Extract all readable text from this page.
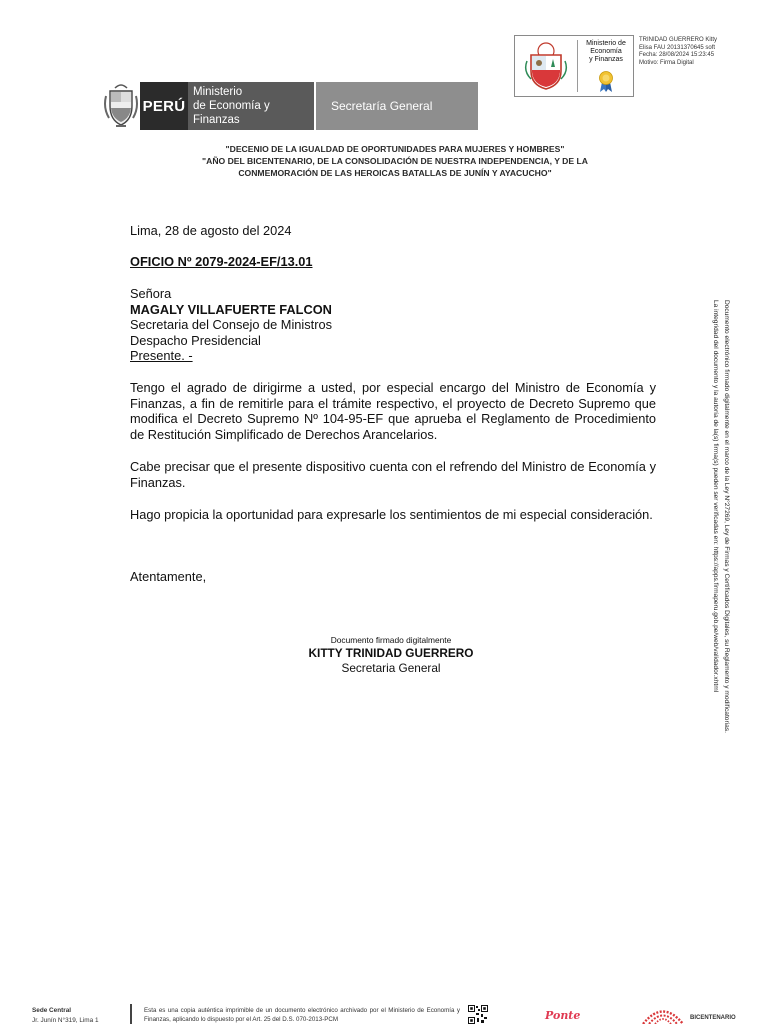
Ministerio de
Economía
y Finanzas
TRINIDAD GUERRERO Kitty
Elisa FAU 20131370645 soft
Fecha: 28/08/2024 15:23:45
Motivo: Firma Digital
PERÚ
Ministerio
de Economía y Finanzas
Secretaría General
"DECENIO DE LA IGUALDAD DE OPORTUNIDADES PARA MUJERES Y HOMBRES"
"AÑO DEL BICENTENARIO, DE LA CONSOLIDACIÓN DE NUESTRA INDEPENDENCIA, Y DE LA
CONMEMORACIÓN DE LAS HEROICAS BATALLAS DE JUNÍN Y AYACUCHO"
Lima, 28 de agosto del 2024
OFICIO Nº 2079-2024-EF/13.01
Señora
MAGALY VILLAFUERTE FALCON
Secretaria del Consejo de Ministros
Despacho Presidencial
Presente. -
Tengo el agrado de dirigirme a usted, por especial encargo del Ministro de Economía y Finanzas, a fin de remitirle para el trámite respectivo, el proyecto de Decreto Supremo que modifica el Decreto Supremo Nº 104-95-EF que aprueba el Reglamento de Procedimiento de Restitución Simplificado de Derechos Arancelarios.
Cabe precisar que el presente dispositivo cuenta con el refrendo del Ministro de Economía y Finanzas.
Hago propicia la oportunidad para expresarle los sentimientos de mi especial consideración.
Atentamente,
Documento firmado digitalmente
KITTY TRINIDAD GUERRERO
Secretaria General	Documento electrónico firmado digitalmente en el marco de la Ley N°27269, Ley de Firmas y Certificados Digitales, su Reglamento y modificatorias.
La integridad del documento y la autoría de la(s) firma(s) pueden ser verificadas en: https://apps.firmaperu.gob.pe/web/validador.xhtml
Sede Central
Jr. Junín N°319, Lima 1
Esta es una copia auténtica imprimible de un documento electrónico archivado por el Ministerio de Economía y Finanzas, aplicando lo dispuesto por el Art. 25 del D.S. 070-2013-PCM	Ponte	BICENTENARIO
